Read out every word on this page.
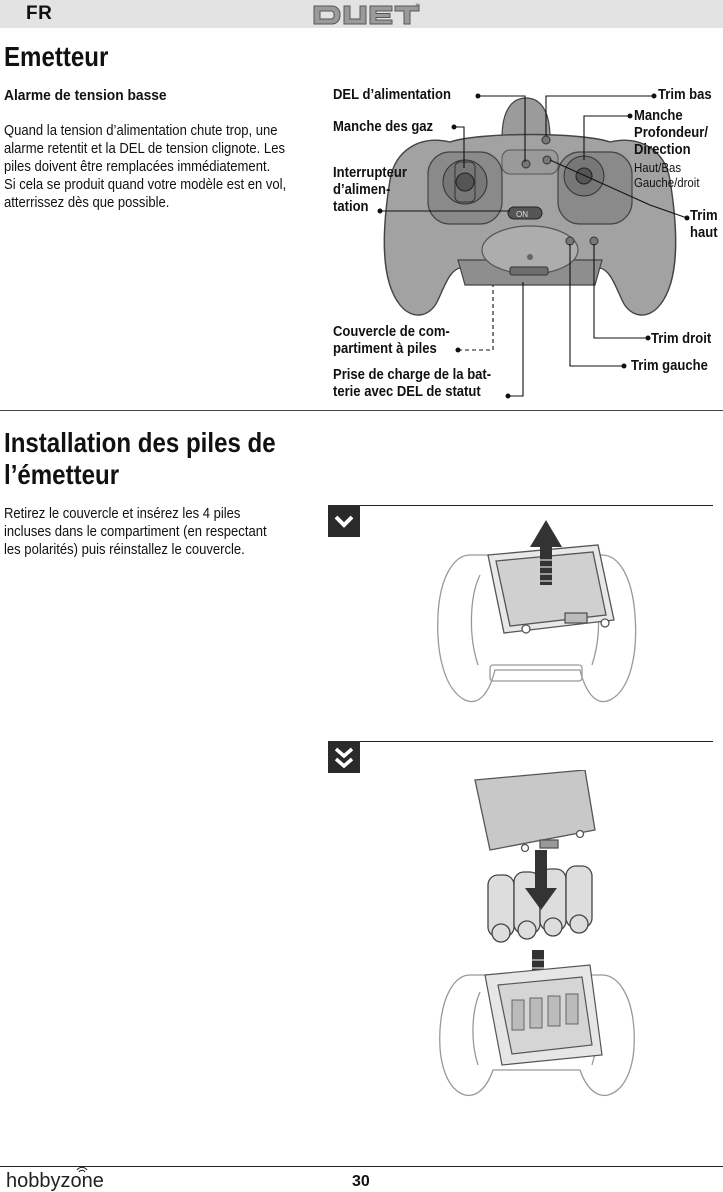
FR	™
Emetteur
Alarme de tension basse
Quand la tension d’alimentation chute trop, une
alarme retentit et la DEL de tension clignote. Les
piles doivent être remplacées immédiatement.
Si cela se produit quand votre modèle est en vol,
atterrissez dès que possible.
ON
DEL d’alimentation
Manche des gaz
Interrupteur
d’alimen-
tation
Couvercle de com-
partiment à piles
Prise de charge de la bat-
terie avec DEL de statut
Trim bas
Manche
Profondeur/
Direction
Haut/Bas
Gauche/droit
Trim
haut
Trim droit
Trim gauche
Installation des piles de
l’émetteur
Retirez le couvercle et insérez les 4 piles
incluses dans le compartiment (en respectant
les polarités) puis réinstallez le couvercle.
hobbyzone	30
